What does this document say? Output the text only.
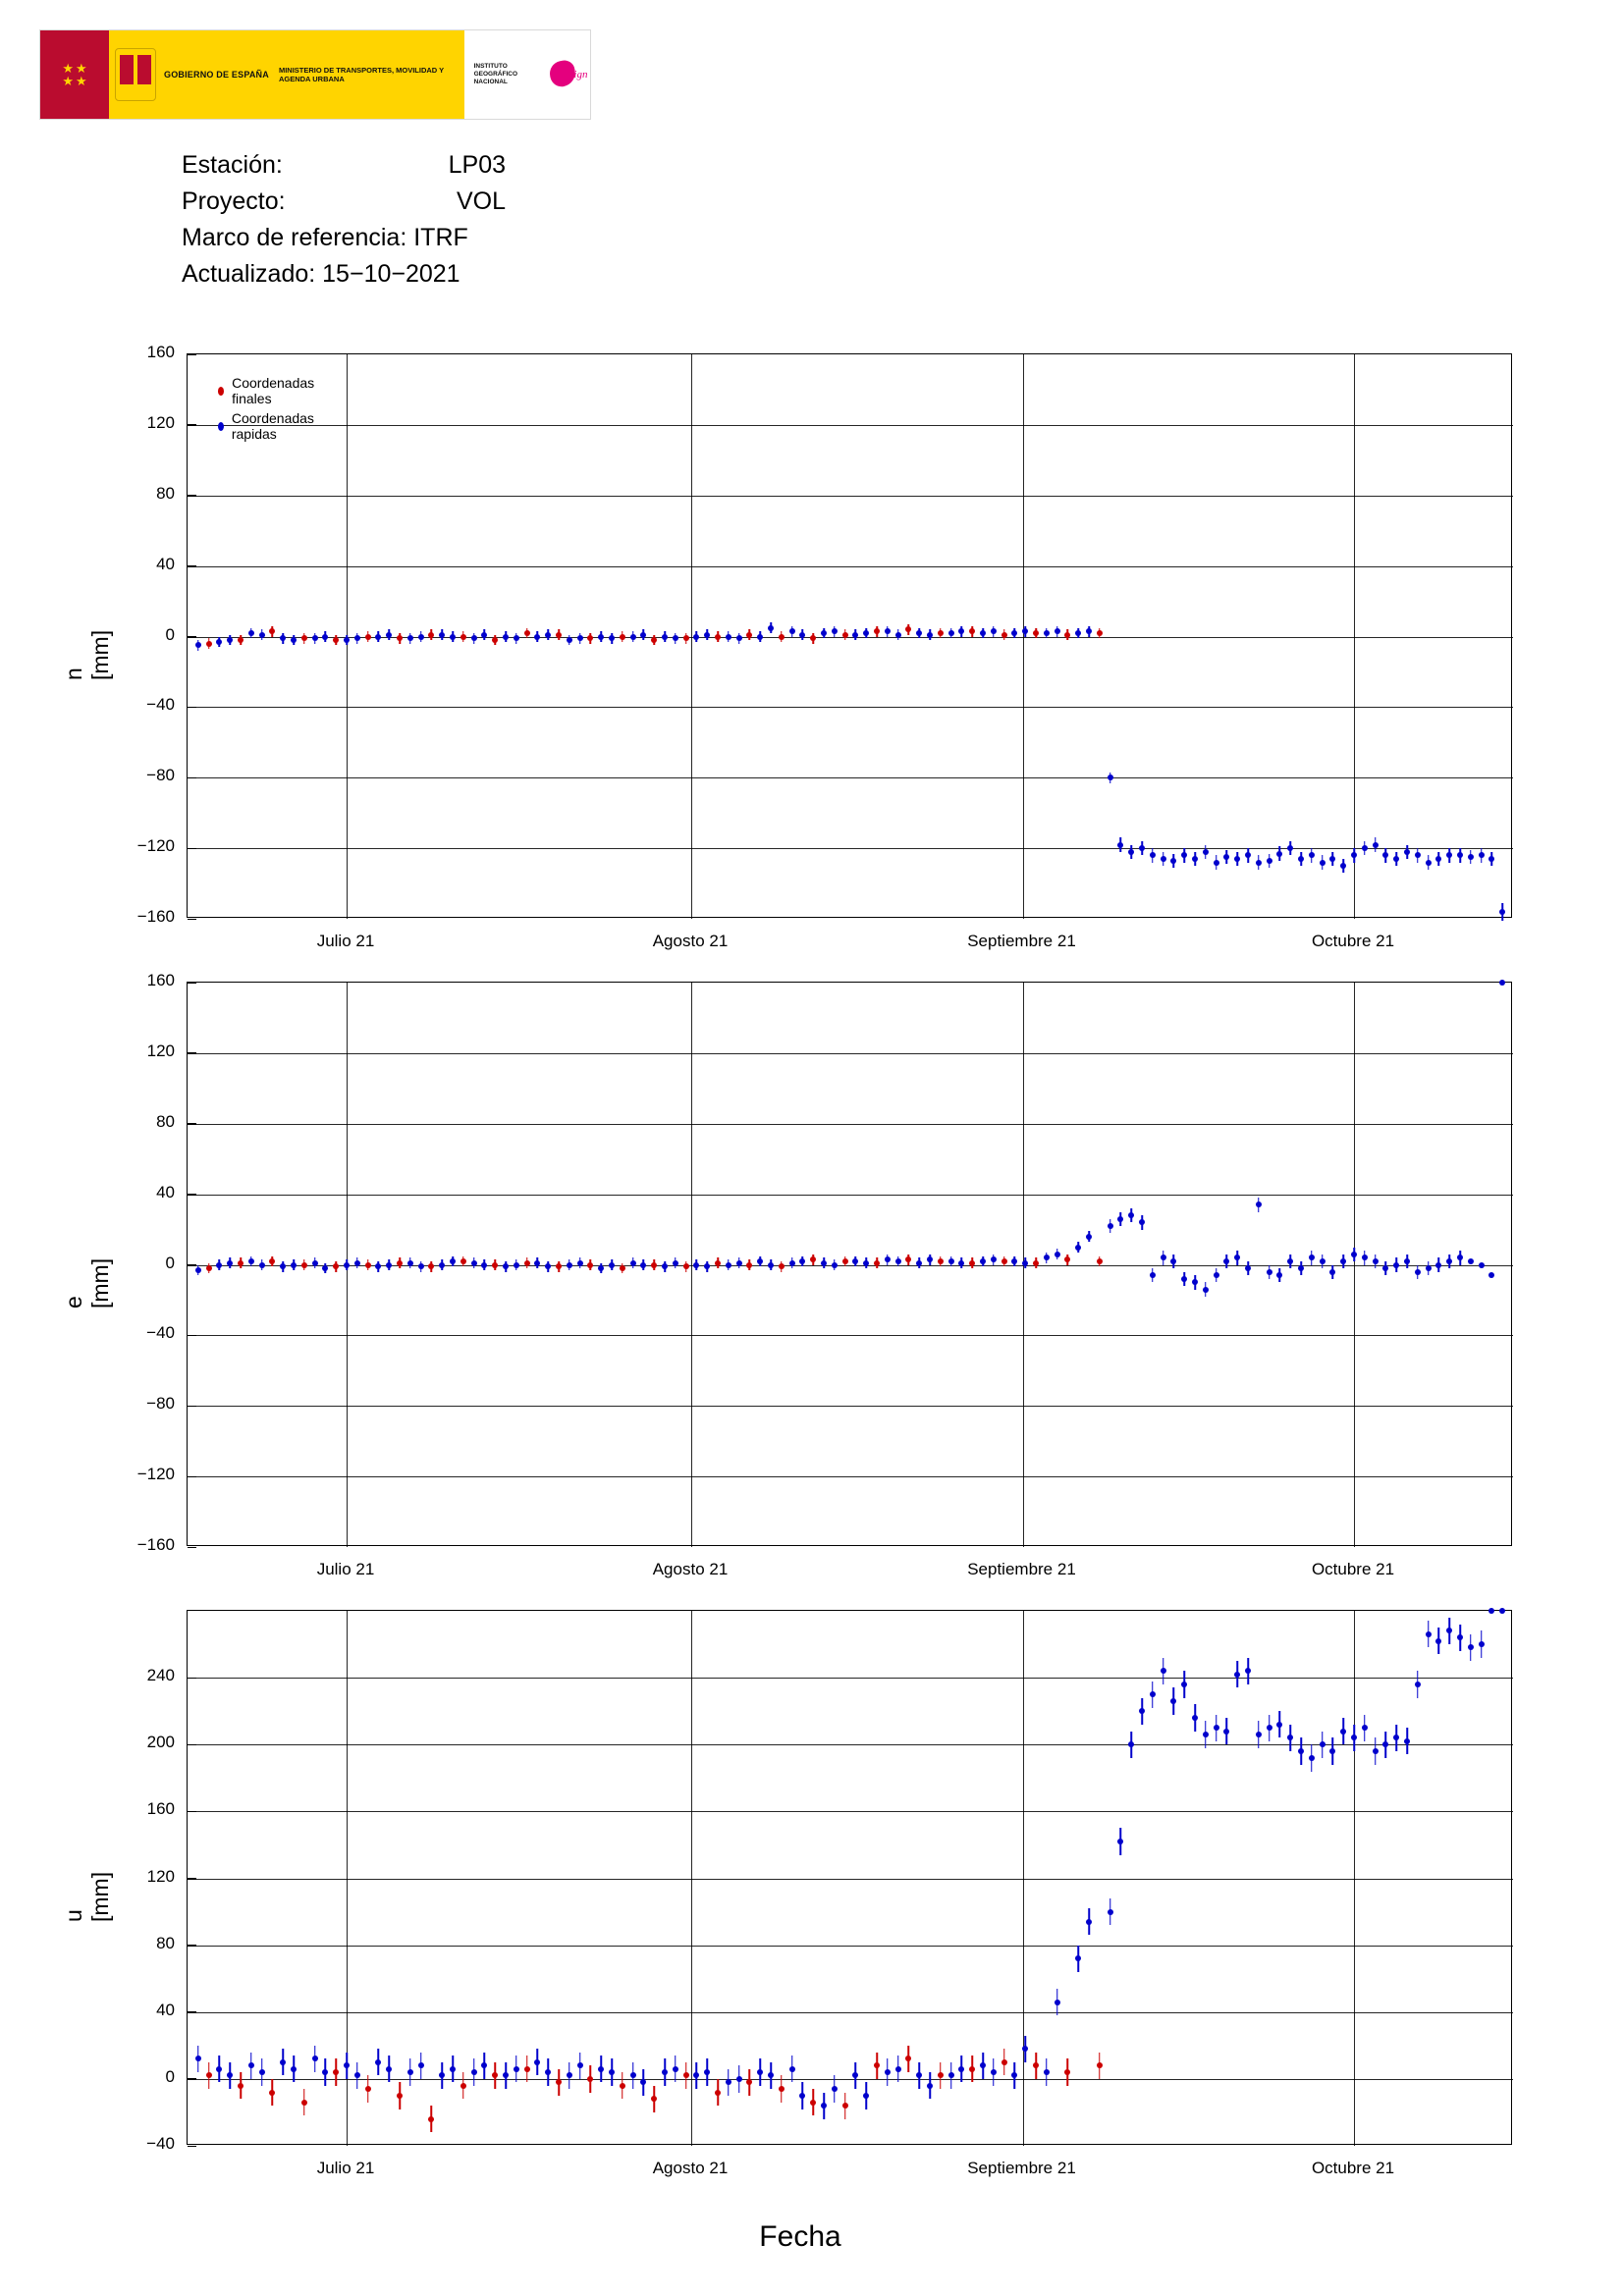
★ ★
★ ★	GOBIERNO DE ESPAÑA MINISTERIO DE TRANSPORTES, MOVILIDAD Y AGENDA URBANA
INSTITUTO GEOGRÁFICO NACIONAL
ign
Estación:	LP03
Proyecto:	VOL
Marco de referencia: ITRF
Actualizado: 15−10−2021
−160
−120
−80
−40
0
40
80
120
160
Julio 21	Agosto 21	Septiembre 21	Octubre 21
n [mm]
Coordenadas finales
Coordenadas rapidas
−160
−120
−80
−40
0
40
80
120
160
Julio 21	Agosto 21	Septiembre 21	Octubre 21
e [mm]
−40
0
40
80
120
160
200
240
Julio 21	Agosto 21	Septiembre 21	Octubre 21
u [mm]
Fecha
